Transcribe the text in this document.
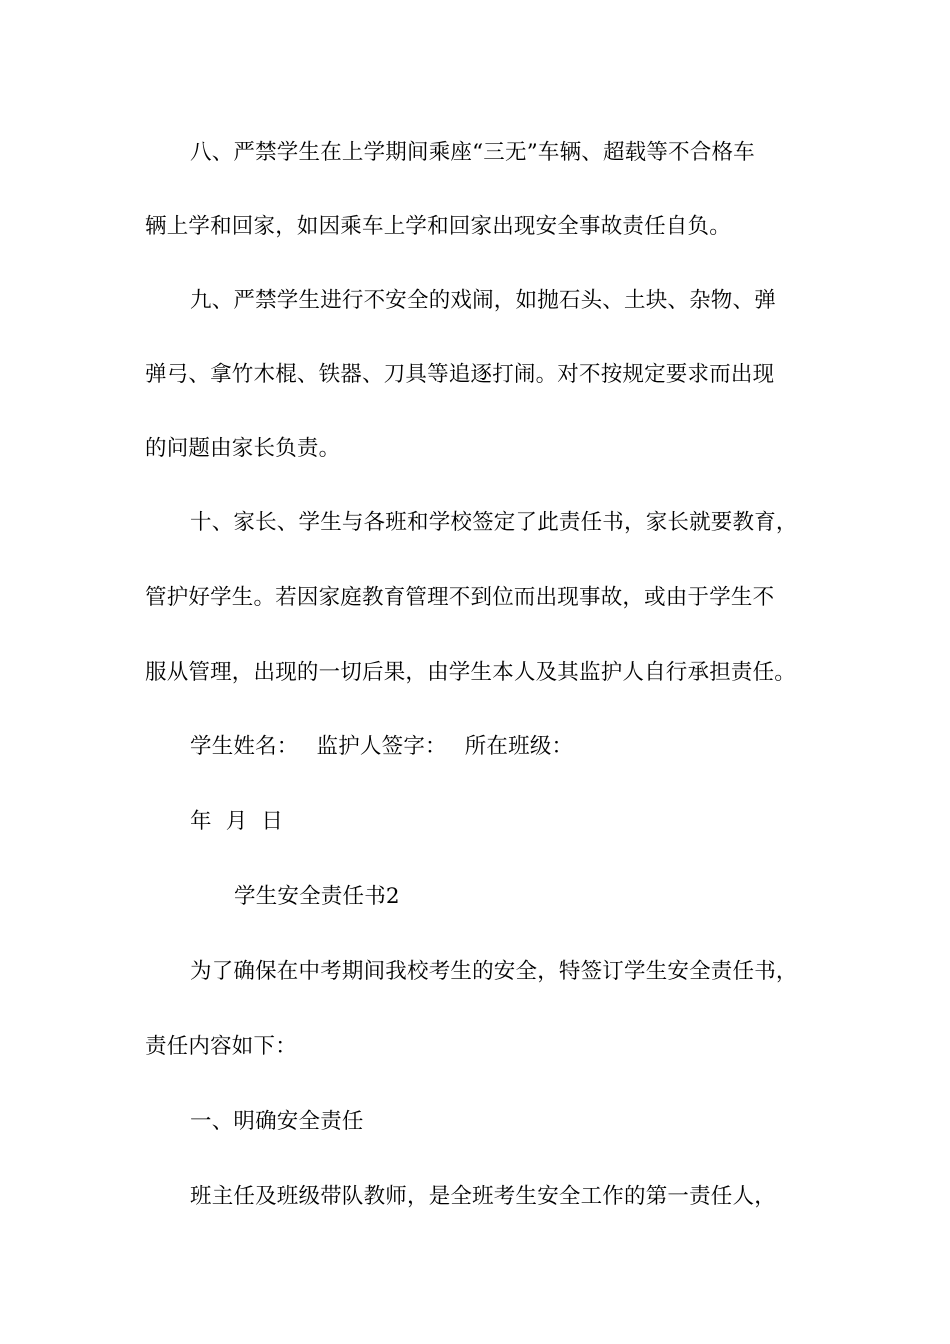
八、严禁学生在上学期间乘座“三无”车辆、超载等不合格车
辆上学和回家，如因乘车上学和回家出现安全事故责任自负。
九、严禁学生进行不安全的戏闹，如抛石头、土块、杂物、弹
弹弓、拿竹木棍、铁器、刀具等追逐打闹。对不按规定要求而出现
的问题由家长负责。
十、家长、学生与各班和学校签定了此责任书，家长就要教育，
管护好学生。若因家庭教育管理不到位而出现事故，或由于学生不
服从管理，出现的一切后果，由学生本人及其监护人自行承担责任。
学生姓名： 监护人签字： 所在班级：
年 月 日
学生安全责任书2
为了确保在中考期间我校考生的安全，特签订学生安全责任书，
责任内容如下：
一、明确安全责任
班主任及班级带队教师，是全班考生安全工作的第一责任人，
